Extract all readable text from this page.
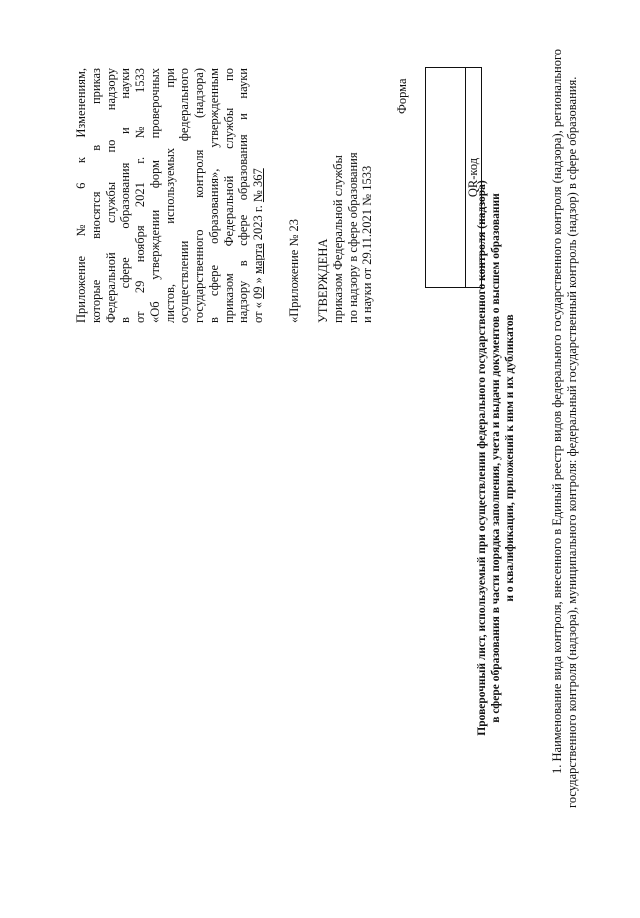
Приложение № 6 к Изменениям, которые вносятся в приказ Федеральной службы по надзору в сфере образования и науки от 29 ноября 2021 г. № 1533 «Об утверждении форм проверочных листов, используемых при осуществлении федерального государственного контроля (надзора) в сфере образования», утвержденным приказом Федеральной службы по надзору в сфере образования и науки от « 09 » марта 2023 г. № 367
«Приложение № 23 УТВЕРЖДЕНА приказом Федеральной службы по надзору в сфере образования и науки от 29.11.2021 № 1533
Форма
QR-код
Проверочный лист, используемый при осуществлении федерального государственного контроля (надзора) в сфере образования в части порядка заполнения, учета и выдачи документов о высшем образовании и о квалификации, приложений к ним и их дубликатов	1. Наименование вида контроля, внесенного в Единый реестр видов федерального государственного контроля (надзора), регионального государственного контроля (надзора), муниципального контроля: федеральный государственный контроль (надзор) в сфере образования.
